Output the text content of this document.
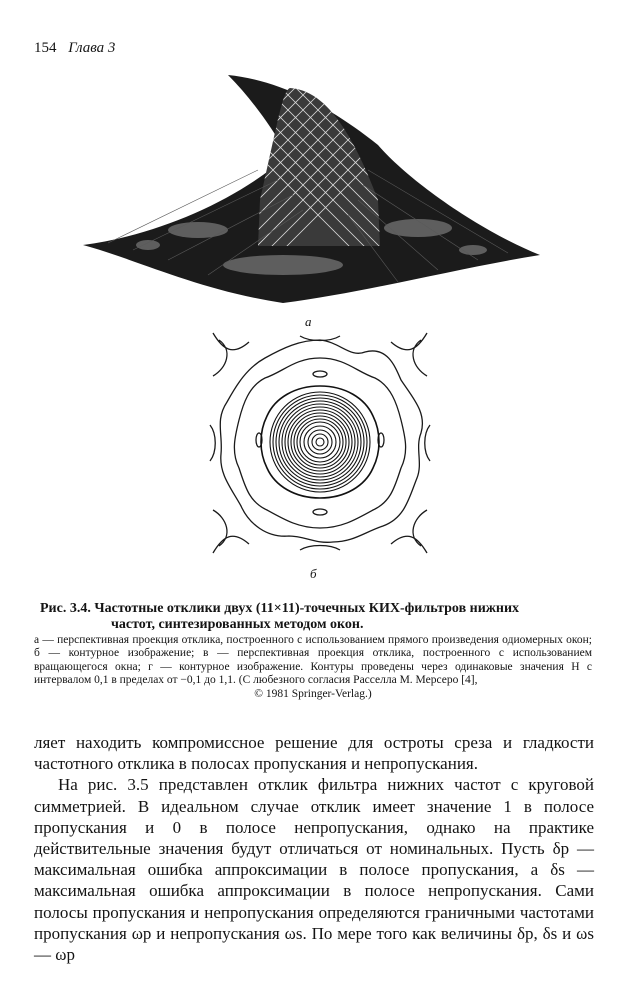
154 Глава 3
а
б
Рис. 3.4. Частотные отклики двух (11×11)-точечных КИХ-фильтров нижних
частот, синтезированных методом окон.
а — перспективная проекция отклика, построенного с использованием прямого произведения одиомерных окон; б — контурное изображение; в — перспективная проекция отклика, построенного с использованием вращающегося окна; г — контурное изображение. Контуры проведены через одинаковые значения H с интервалом 0,1 в пределах от −0,1 до 1,1. (С любезного согласия Расселла М. Мерсеро [4],
© 1981 Springer-Verlag.)

ляет находить компромиссное решение для остроты среза и гладкости частотного отклика в полосах пропускания и непропускания.

На рис. 3.5 представлен отклик фильтра нижних частот с круговой симметрией. В идеальном случае отклик имеет значение 1 в полосе пропускания и 0 в полосе непропускания, однако на практике действительные значения будут отличаться от номинальных. Пусть δp — максимальная ошибка аппроксимации в полосе пропускания, а δs — максимальная ошибка аппроксимации в полосе непропускания. Сами полосы пропускания и непропускания определяются граничными частотами пропускания ωp и непропускания ωs. По мере того как величины δp, δs и ωs — ωp
